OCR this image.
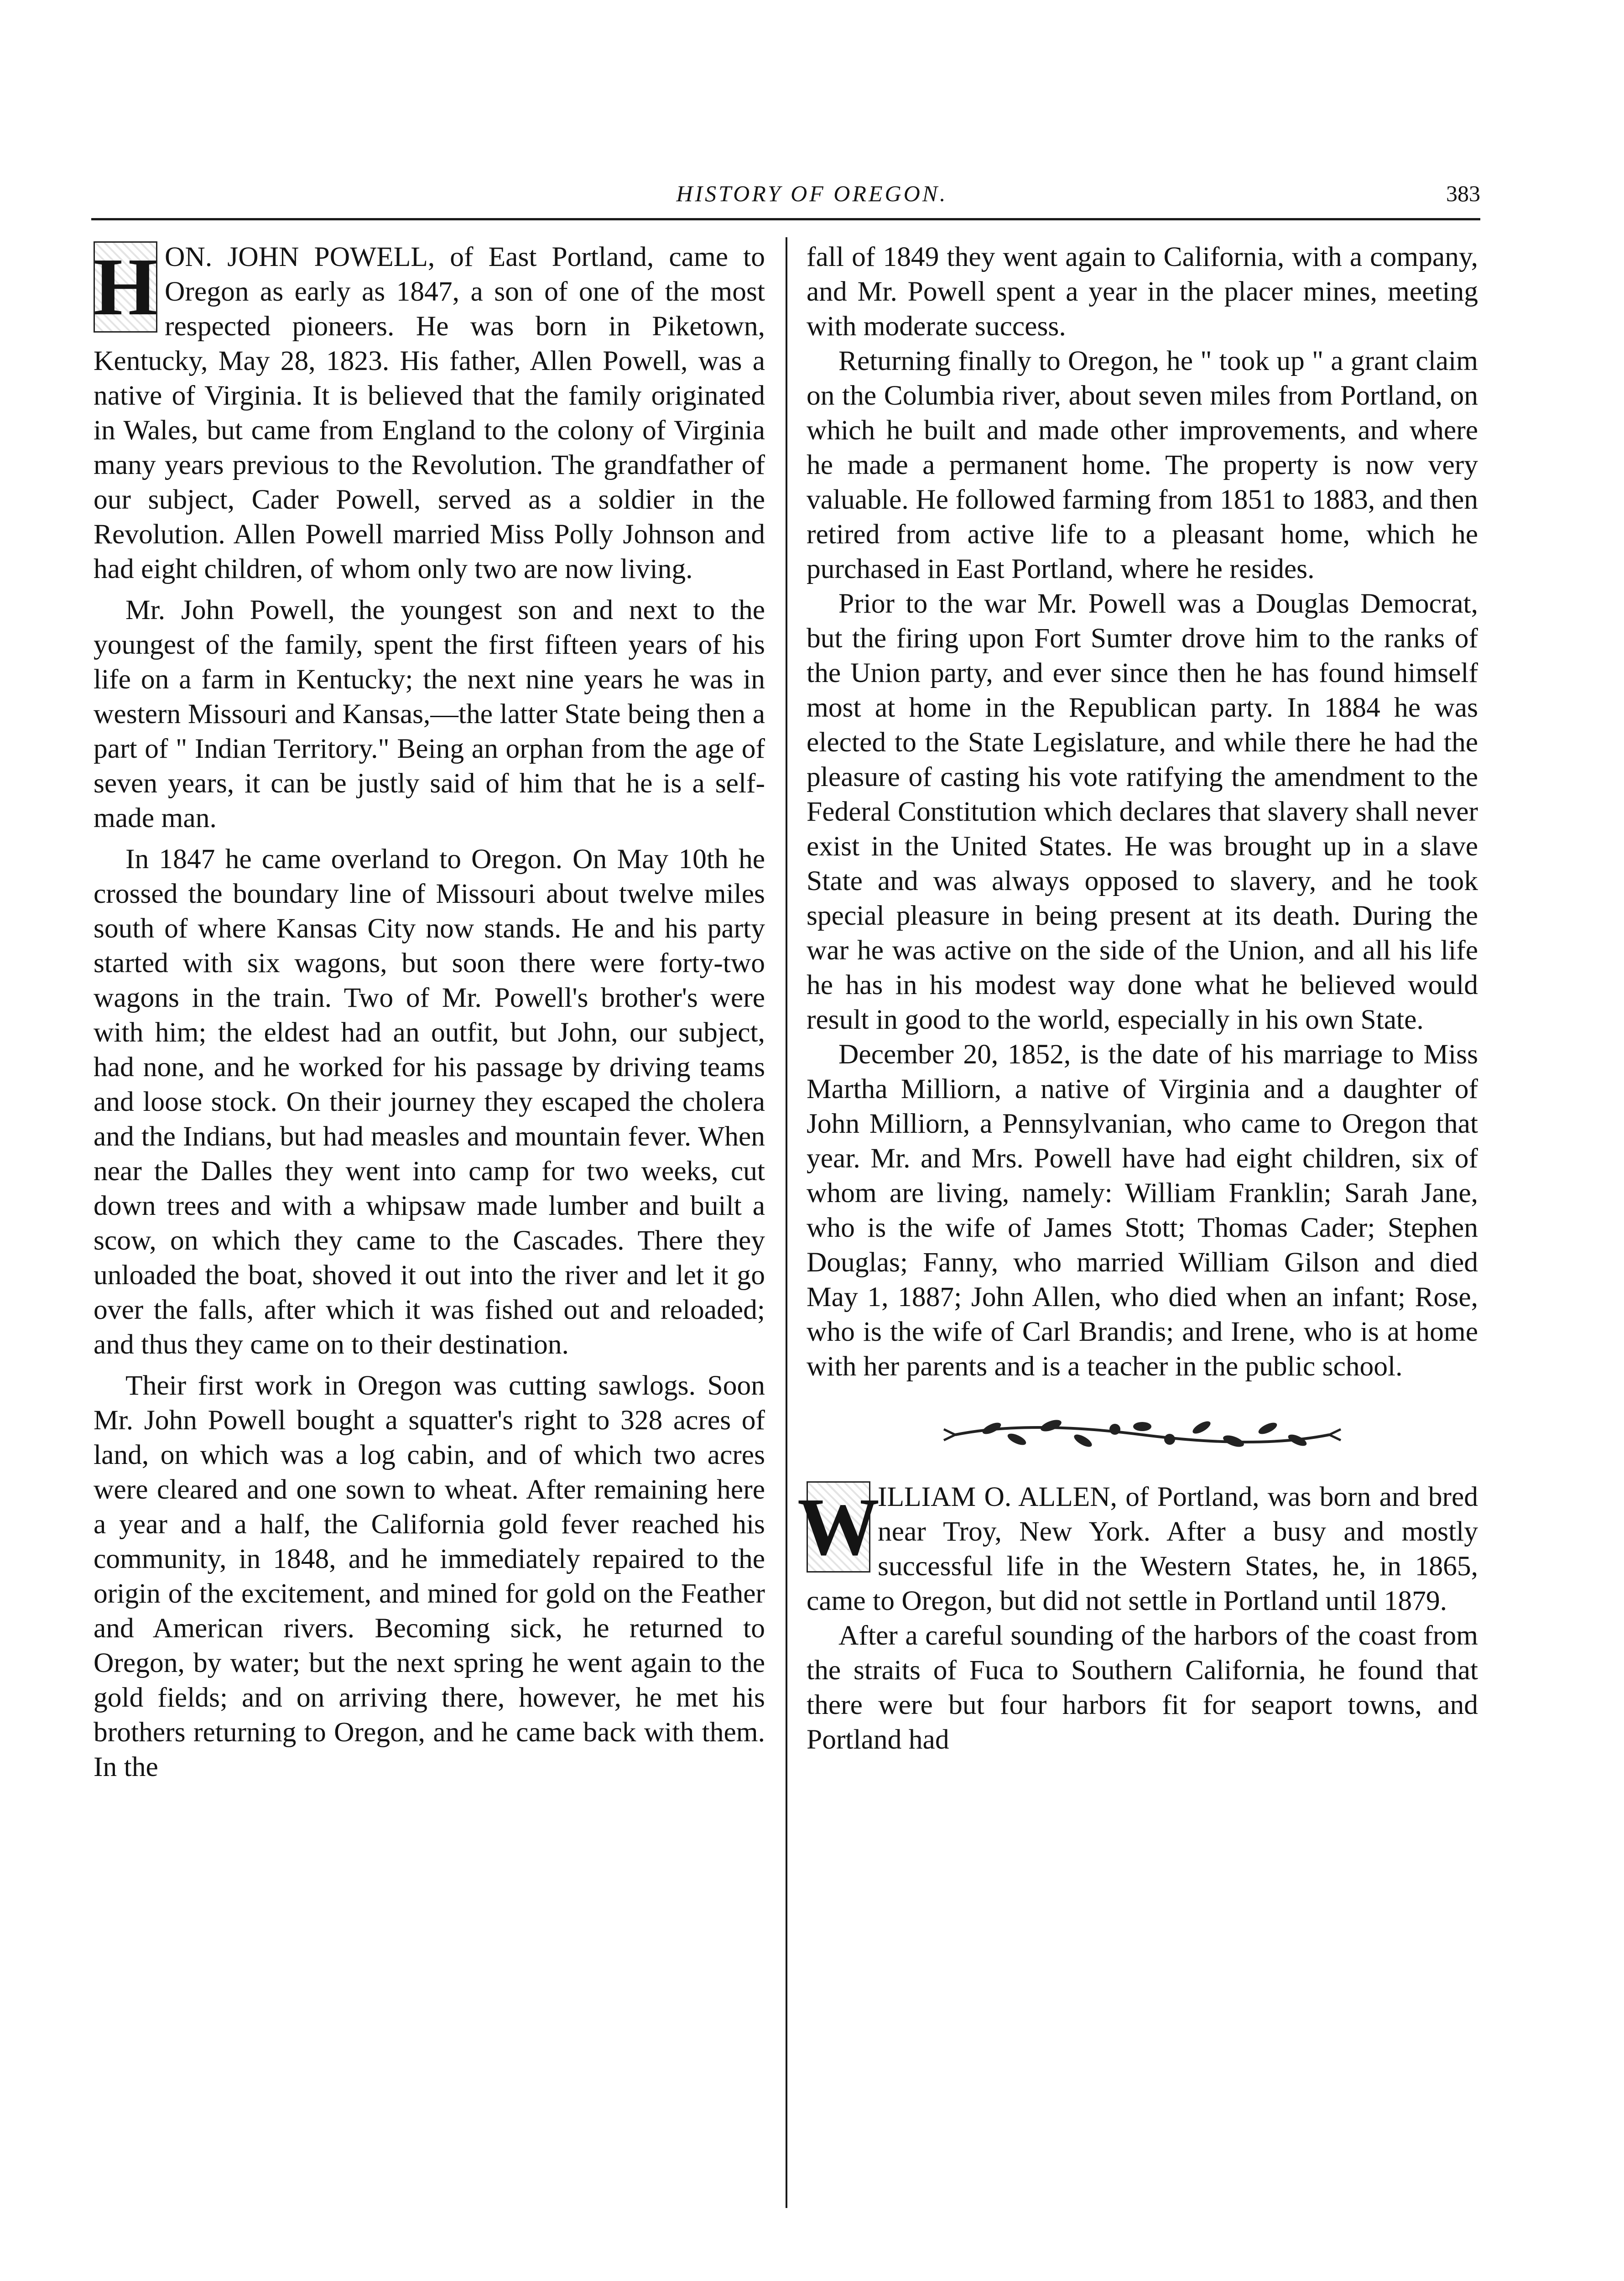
HISTORY OF OREGON.	383

H ON. JOHN POWELL, of East Portland, came to Oregon as early as 1847, a son of one of the most respected pioneers. He was born in Piketown, Kentucky, May 28, 1823. His father, Allen Powell, was a native of Virginia. It is believed that the family originated in Wales, but came from England to the colony of Virginia many years previous to the Revolution. The grandfather of our subject, Cader Powell, served as a soldier in the Revolution. Allen Powell married Miss Polly Johnson and had eight children, of whom only two are now living.

Mr. John Powell, the youngest son and next to the youngest of the family, spent the first fifteen years of his life on a farm in Kentucky; the next nine years he was in western Missouri and Kansas,—the latter State being then a part of " Indian Territory." Being an orphan from the age of seven years, it can be justly said of him that he is a self-made man.

In 1847 he came overland to Oregon. On May 10th he crossed the boundary line of Missouri about twelve miles south of where Kansas City now stands. He and his party started with six wagons, but soon there were forty-two wagons in the train. Two of Mr. Powell's brother's were with him; the eldest had an outfit, but John, our subject, had none, and he worked for his passage by driving teams and loose stock. On their journey they escaped the cholera and the Indians, but had measles and mountain fever. When near the Dalles they went into camp for two weeks, cut down trees and with a whipsaw made lumber and built a scow, on which they came to the Cascades. There they unloaded the boat, shoved it out into the river and let it go over the falls, after which it was fished out and reloaded; and thus they came on to their destination.

Their first work in Oregon was cutting sawlogs. Soon Mr. John Powell bought a squatter's right to 328 acres of land, on which was a log cabin, and of which two acres were cleared and one sown to wheat. After remaining here a year and a half, the California gold fever reached his community, in 1848, and he immediately repaired to the origin of the excitement, and mined for gold on the Feather and American rivers. Becoming sick, he returned to Oregon, by water; but the next spring he went again to the gold fields; and on arriving there, however, he met his brothers returning to Oregon, and he came back with them. In the

fall of 1849 they went again to California, with a company, and Mr. Powell spent a year in the placer mines, meeting with moderate success.

Returning finally to Oregon, he " took up " a grant claim on the Columbia river, about seven miles from Portland, on which he built and made other improvements, and where he made a permanent home. The property is now very valuable. He followed farming from 1851 to 1883, and then retired from active life to a pleasant home, which he purchased in East Portland, where he resides.

Prior to the war Mr. Powell was a Douglas Democrat, but the firing upon Fort Sumter drove him to the ranks of the Union party, and ever since then he has found himself most at home in the Republican party. In 1884 he was elected to the State Legislature, and while there he had the pleasure of casting his vote ratifying the amendment to the Federal Constitution which declares that slavery shall never exist in the United States. He was brought up in a slave State and was always opposed to slavery, and he took special pleasure in being present at its death. During the war he was active on the side of the Union, and all his life he has in his modest way done what he believed would result in good to the world, especially in his own State.

December 20, 1852, is the date of his marriage to Miss Martha Milliorn, a native of Virginia and a daughter of John Milliorn, a Pennsylvanian, who came to Oregon that year. Mr. and Mrs. Powell have had eight children, six of whom are living, namely: William Franklin; Sarah Jane, who is the wife of James Stott; Thomas Cader; Stephen Douglas; Fanny, who married William Gilson and died May 1, 1887; John Allen, who died when an infant; Rose, who is the wife of Carl Brandis; and Irene, who is at home with her parents and is a teacher in the public school.

W
ILLIAM O. ALLEN, of Portland, was born and bred near Troy, New York. After a busy and mostly successful life in the Western States, he, in 1865, came to Oregon, but did not settle in Portland until 1879.

After a careful sounding of the harbors of the coast from the straits of Fuca to Southern California, he found that there were but four harbors fit for seaport towns, and Portland had
